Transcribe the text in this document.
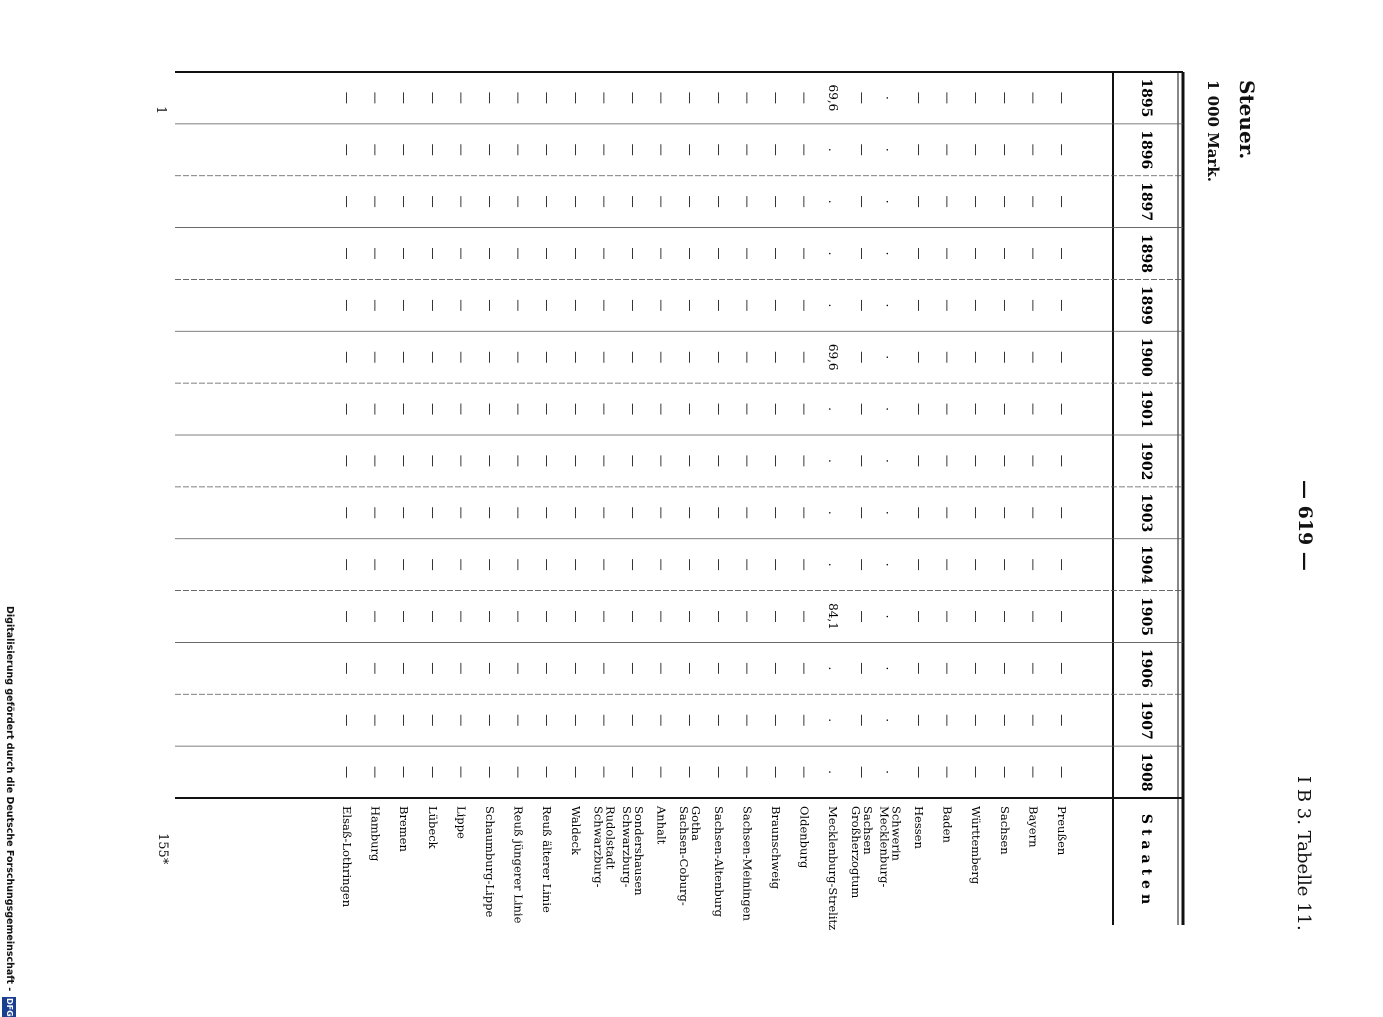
— 619 —
I B 3. Tabelle 11.
Steuer.
1 000 Mark.
1
155*
Digitalisierung gefördert durch die Deutsche Forschungsgemeinschaft - DFG
1895
1896
1897
1898
1899
1900
1901
1902
1903
1904
1905
1906
1907
1908
Staaten
Preußen
—
—
—
—
—
—
—
—
—
—
—
—
—
—
Bayern
—
—
—
—
—
—
—
—
—
—
—
—
—
—
Sachsen
—
—
—
—
—
—
—
—
—
—
—
—
—
—
Württemberg
—
—
—
—
—
—
—
—
—
—
—
—
—
—
Baden
—
—
—
—
—
—
—
—
—
—
—
—
—
—
Hessen
—
—
—
—
—
—
—
—
—
—
—
—
—
—
Mecklenburg-
Schwerin
.
.
.
.
.
.
.
.
.
.
.
.
.
.
Großherzogtum
Sachsen
—
—
—
—
—
—
—
—
—
—
—
—
—
—
Mecklenburg-Strelitz
69,6
.
.
.
.
69,6
.
.
.
.
84,1
.
.
.
Oldenburg
—
—
—
—
—
—
—
—
—
—
—
—
—
—
Braunschweig
—
—
—
—
—
—
—
—
—
—
—
—
—
—
Sachsen-Meiningen
—
—
—
—
—
—
—
—
—
—
—
—
—
—
Sachsen-Altenburg
—
—
—
—
—
—
—
—
—
—
—
—
—
—
Sachsen-Coburg-
Gotha
—
—
—
—
—
—
—
—
—
—
—
—
—
—
Anhalt
—
—
—
—
—
—
—
—
—
—
—
—
—
—
Schwarzburg-
Sondershausen
—
—
—
—
—
—
—
—
—
—
—
—
—
—
Schwarzburg-
Rudolstadt
—
—
—
—
—
—
—
—
—
—
—
—
—
—
Waldeck
—
—
—
—
—
—
—
—
—
—
—
—
—
—
Reuß älterer Linie
—
—
—
—
—
—
—
—
—
—
—
—
—
—
Reuß jüngerer Linie
—
—
—
—
—
—
—
—
—
—
—
—
—
—
Schaumburg-Lippe
—
—
—
—
—
—
—
—
—
—
—
—
—
—
Lippe
—
—
—
—
—
—
—
—
—
—
—
—
—
—
Lübeck
—
—
—
—
—
—
—
—
—
—
—
—
—
—
Bremen
—
—
—
—
—
—
—
—
—
—
—
—
—
—
Hamburg
—
—
—
—
—
—
—
—
—
—
—
—
—
—
Elsaß-Lothringen
—
—
—
—
—
—
—
—
—
—
—
—
—
—
